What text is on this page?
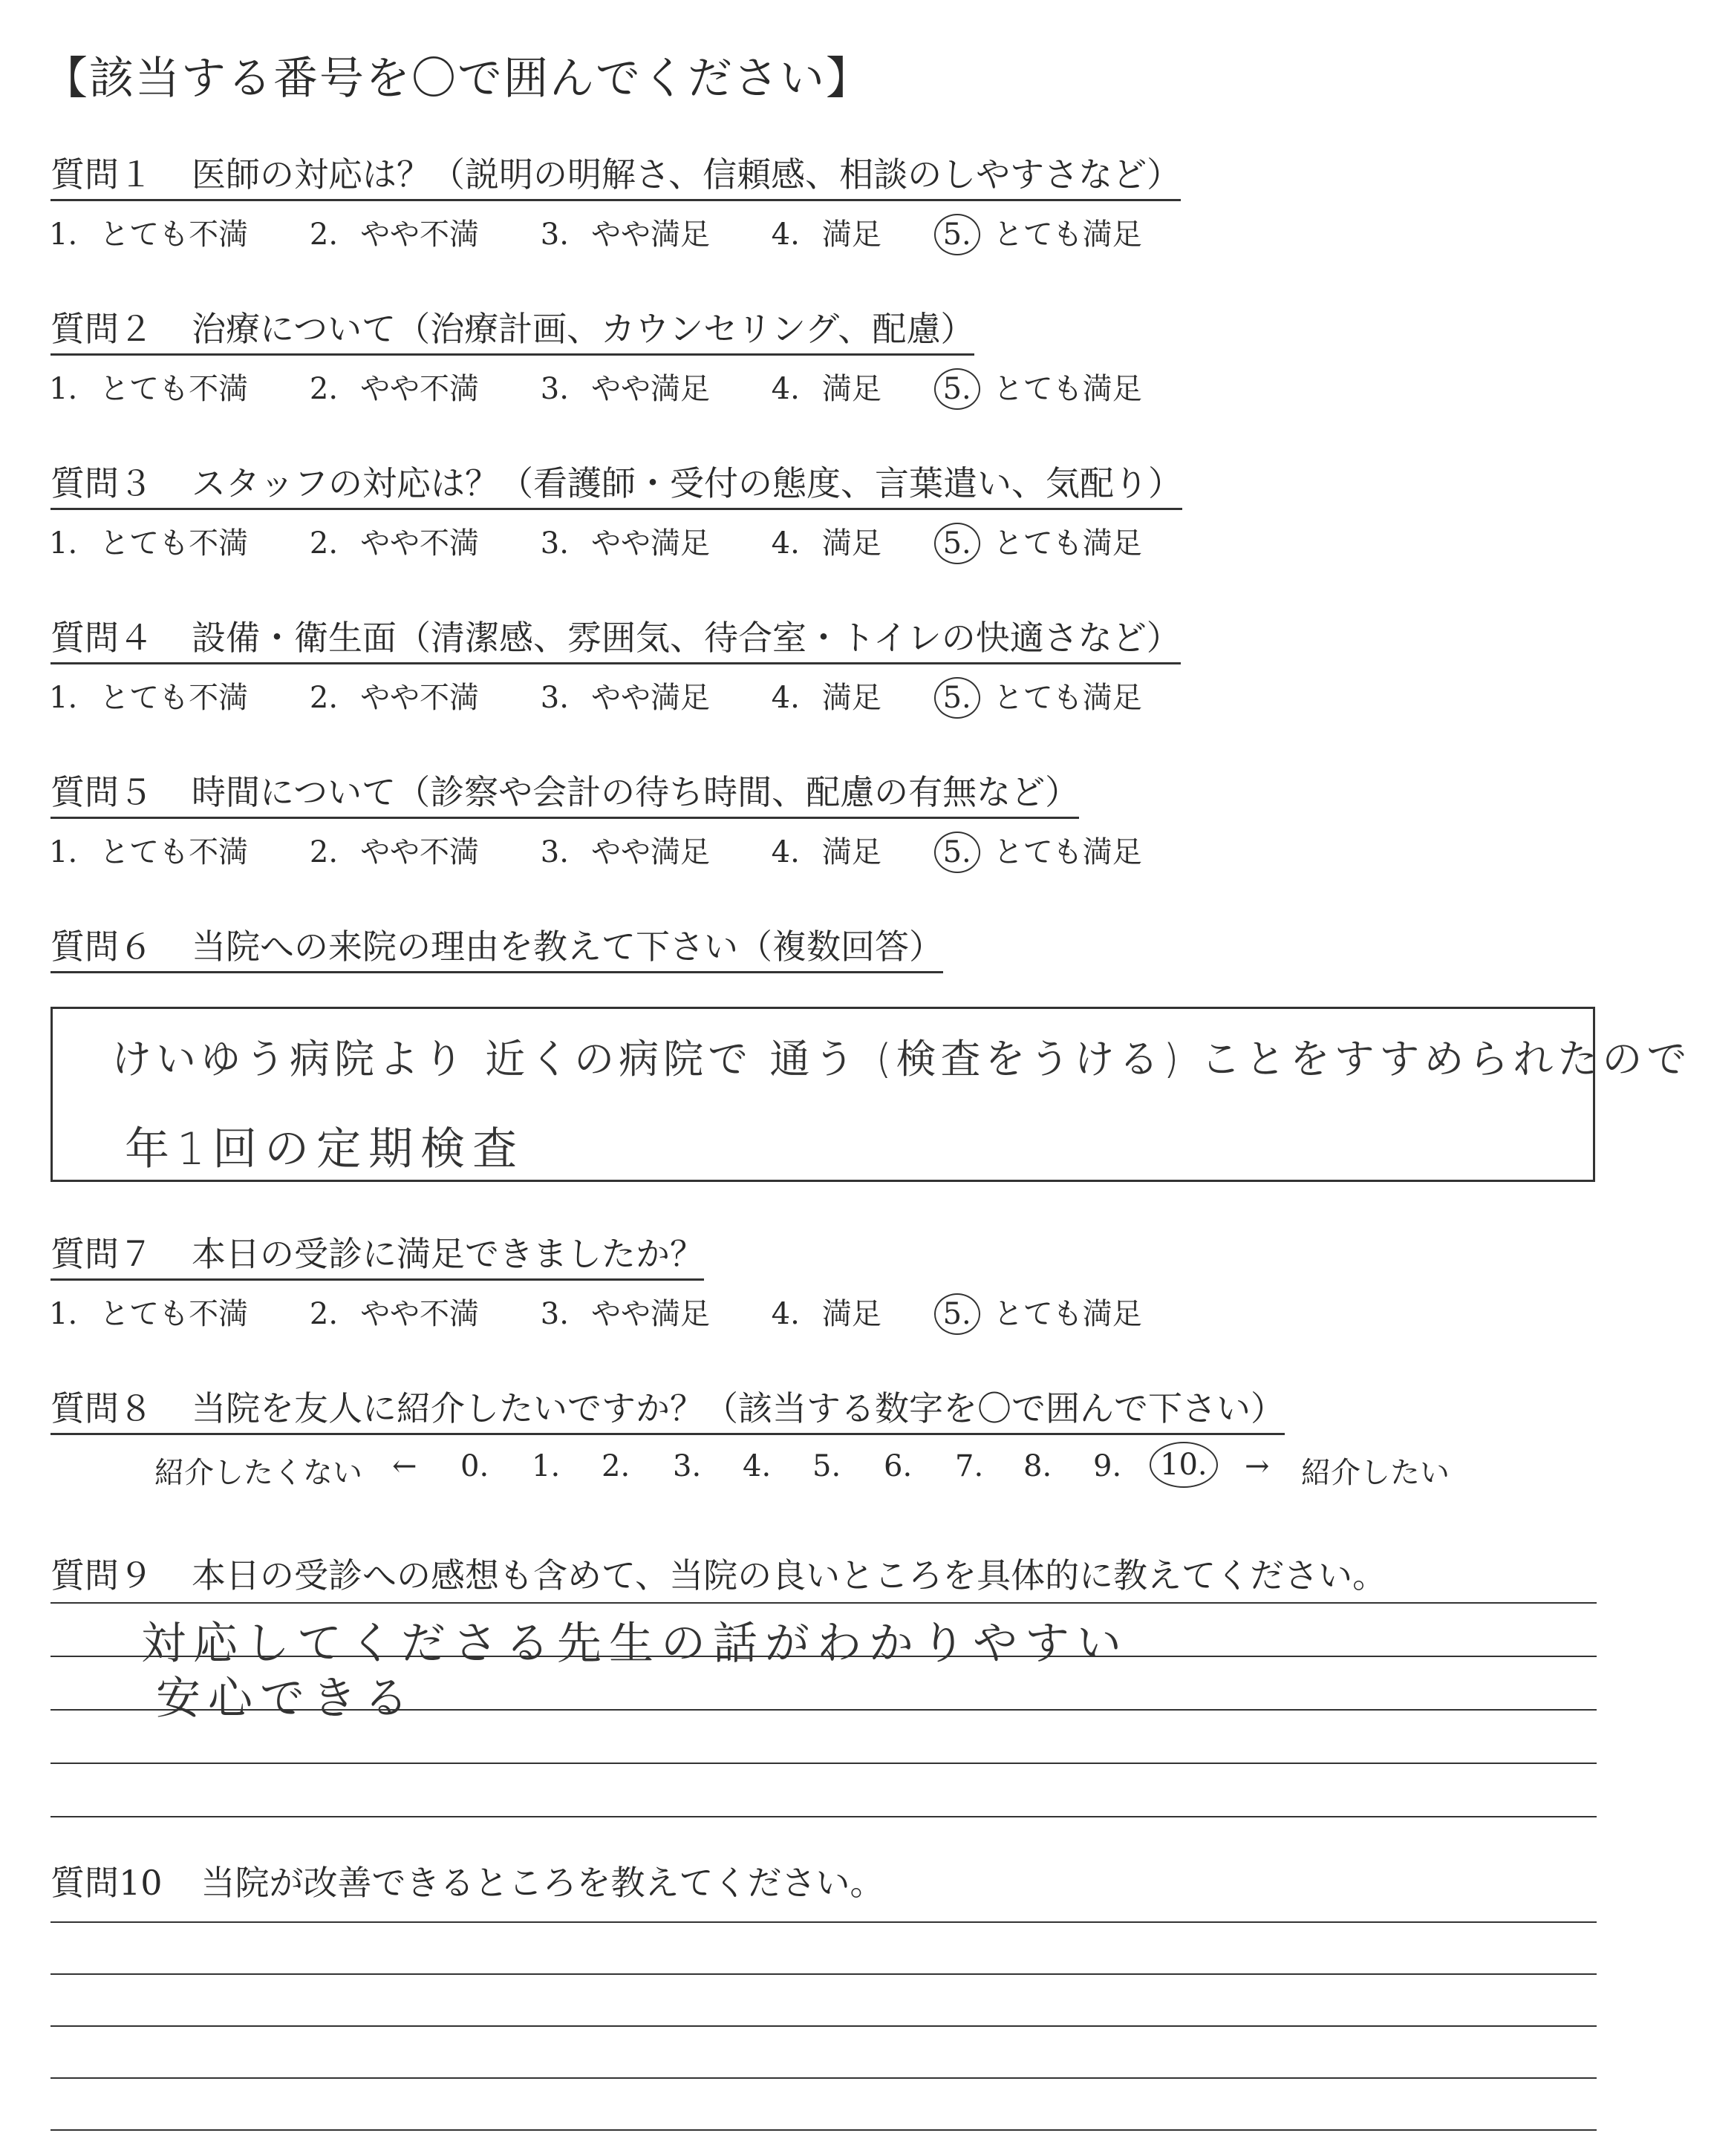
【該当する番号を〇で囲んでください】
質問１ 医師の対応は？（説明の明解さ、信頼感、相談のしやすさなど）
1. とても不満 2. やや不満 3. やや満足 4. 満足 5. とても満足
質問２ 治療について（治療計画、カウンセリング、配慮）
1. とても不満 2. やや不満 3. やや満足 4. 満足 5. とても満足
質問３ スタッフの対応は？（看護師・受付の態度、言葉遣い、気配り）
1. とても不満 2. やや不満 3. やや満足 4. 満足 5. とても満足
質問４ 設備・衛生面（清潔感、雰囲気、待合室・トイレの快適さなど）
1. とても不満 2. やや不満 3. やや満足 4. 満足 5. とても満足
質問５ 時間について（診察や会計の待ち時間、配慮の有無など）
1. とても不満 2. やや不満 3. やや満足 4. 満足 5. とても満足
質問６ 当院への来院の理由を教えて下さい（複数回答）
けいゆう病院より 近くの病院で 通う (検査をうける) ことをすすめられたので
年1回の定期検査
質問７ 本日の受診に満足できましたか？
1. とても不満 2. やや不満 3. やや満足 4. 満足 5. とても満足
質問８ 当院を友人に紹介したいですか？（該当する数字を〇で囲んで下さい）
紹介したくない ← 0. 1. 2. 3. 4. 5. 6. 7. 8. 9.	10.	→ 紹介したい
質問９ 本日の受診への感想も含めて、当院の良いところを具体的に教えてください。
対応してくださる先生の話がわかりやすい
安心できる
質問10 当院が改善できるところを教えてください。
